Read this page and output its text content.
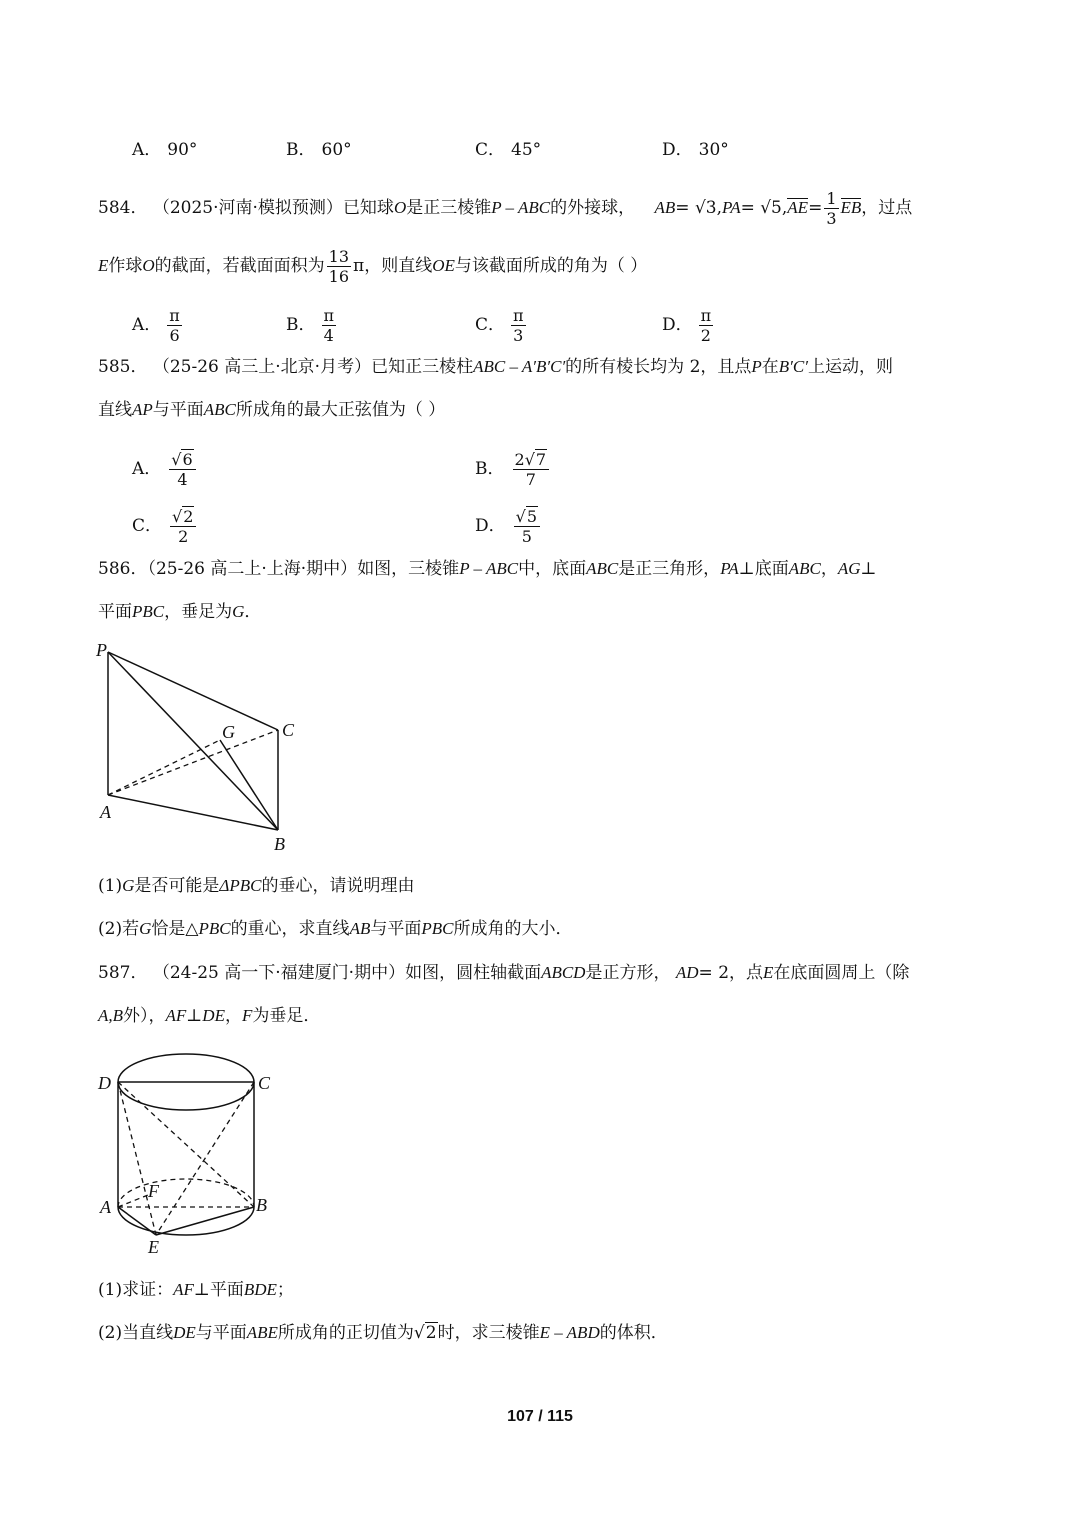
A． 90°	B． 60°	C． 45°	D． 30°
584． （2025·河南·模拟预测）已知球O是正三棱锥P – ABC的外接球， $AB= √3,PA= √5,AE= \frac{1}{3}$ EB，过点
E作球O的截面，若截面面积为 $\frac{13}{16}$ π，则直线OE与该截面所成的角为（ ）
A． $\frac{\pi}{6}$	B． $\frac{\pi}{4}$	C． $\frac{\pi}{3}$	D． $\frac{\pi}{2}$
585． （25-26 高三上·北京·月考）已知正三棱柱ABC – A′B′C′的所有棱长均为 2，且点P在B′C′上运动，则
直线AP与平面ABC所成角的最大正弦值为（ ）
A． $\frac{√6}{4}$	B． $\frac{2√7}{7}$
C． $\frac{√2}{2}$	D． $\frac{√5}{5}$
586．（25-26 高二上·上海·期中）如图，三棱锥P – ABC中，底面ABC是正三角形，PA⊥底面ABC，AG⊥
平面PBC，垂足为G．
P
G	C
A
B
(1)G是否可能是ΔPBC的垂心，请说明理由
(2)若G恰是△PBC的重心，求直线AB与平面PBC所成角的大小．
587． （24-25 高一下·福建厦门·期中）如图，圆柱轴截面ABCD是正方形， AD= 2，点E在底面圆周上（除
A,B外），AF⊥DE，F为垂足．
D	C
F
A	B
E
(1)求证：AF⊥平面BDE；
(2)当直线DE与平面ABE所成角的正切值为√2时，求三棱锥E – ABD的体积．
107 / 115
